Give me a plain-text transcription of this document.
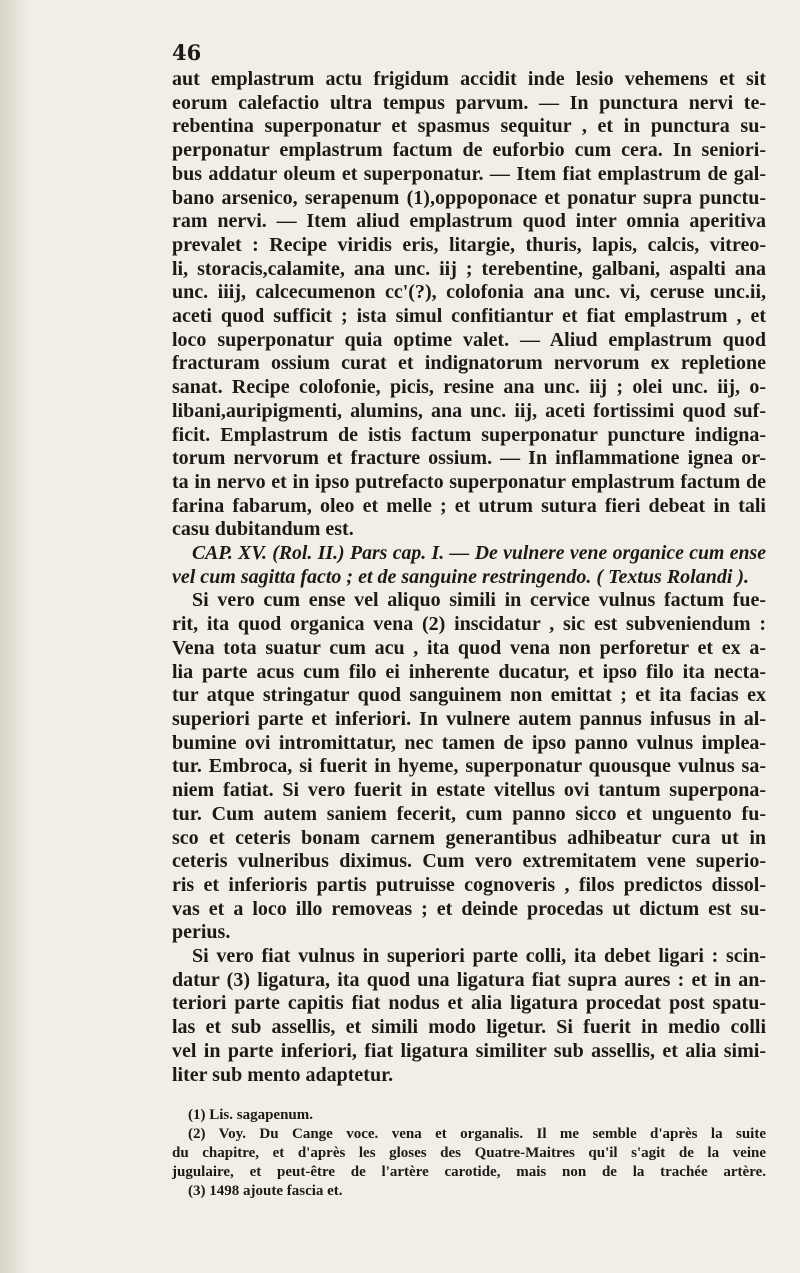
46
aut emplastrum actu frigidum accidit inde lesio vehemens et sit
eorum calefactio ultra tempus parvum. — In punctura nervi te-
rebentina superponatur et spasmus sequitur , et in punctura su-
perponatur emplastrum factum de euforbio cum cera. In seniori-
bus addatur oleum et superponatur. — Item fiat emplastrum de gal-
bano arsenico, serapenum (1),oppoponace et ponatur supra punctu-
ram nervi. — Item aliud emplastrum quod inter omnia aperitiva
prevalet : Recipe viridis eris, litargie, thuris, lapis, calcis, vitreo-
li, storacis,calamite, ana unc. iij ; terebentine, galbani, aspalti ana
unc. iiij, calcecumenon cc'(?), colofonia ana unc. vi, ceruse unc.ii,
aceti quod sufficit ; ista simul confitiantur et fiat emplastrum , et
loco superponatur quia optime valet. — Aliud emplastrum quod
fracturam ossium curat et indignatorum nervorum ex repletione
sanat. Recipe colofonie, picis, resine ana unc. iij ; olei unc. iij, o-
libani,auripigmenti, alumins, ana unc. iij, aceti fortissimi quod suf-
ficit. Emplastrum de istis factum superponatur puncture indigna-
torum nervorum et fracture ossium. — In inflammatione ignea or-
ta in nervo et in ipso putrefacto superponatur emplastrum factum de
farina fabarum, oleo et melle ; et utrum sutura fieri debeat in tali
casu dubitandum est.
CAP. XV. (Rol. II.) Pars cap. I. — De vulnere vene organice cum ense
vel cum sagitta facto ; et de sanguine restringendo. ( Textus Rolandi ).
Si vero cum ense vel aliquo simili in cervice vulnus factum fue-
rit, ita quod organica vena (2) inscidatur , sic est subveniendum :
Vena tota suatur cum acu , ita quod vena non perforetur et ex a-
lia parte acus cum filo ei inherente ducatur, et ipso filo ita necta-
tur atque stringatur quod sanguinem non emittat ; et ita facias ex
superiori parte et inferiori. In vulnere autem pannus infusus in al-
bumine ovi intromittatur, nec tamen de ipso panno vulnus implea-
tur. Embroca, si fuerit in hyeme, superponatur quousque vulnus sa-
niem fatiat. Si vero fuerit in estate vitellus ovi tantum superpona-
tur. Cum autem saniem fecerit, cum panno sicco et unguento fu-
sco et ceteris bonam carnem generantibus adhibeatur cura ut in
ceteris vulneribus diximus. Cum vero extremitatem vene superio-
ris et inferioris partis putruisse cognoveris , filos predictos dissol-
vas et a loco illo removeas ; et deinde procedas ut dictum est su-
perius.
Si vero fiat vulnus in superiori parte colli, ita debet ligari : scin-
datur (3) ligatura, ita quod una ligatura fiat supra aures : et in an-
teriori parte capitis fiat nodus et alia ligatura procedat post spatu-
las et sub assellis, et simili modo ligetur. Si fuerit in medio colli
vel in parte inferiori, fiat ligatura similiter sub assellis, et alia simi-
liter sub mento adaptetur.
(1) Lis. sagapenum.
(2) Voy. Du Cange voce. vena et organalis. Il me semble d'après la suite
du chapitre, et d'après les gloses des Quatre-Maitres qu'il s'agit de la veine
jugulaire, et peut-être de l'artère carotide, mais non de la trachée artère.
(3) 1498 ajoute fascia et.
